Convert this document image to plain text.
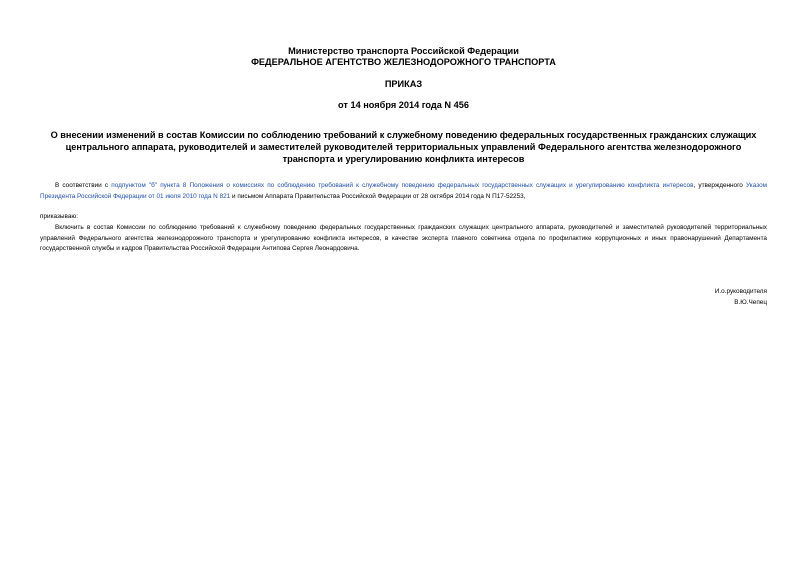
Министерство транспорта Российской Федерации
ФЕДЕРАЛЬНОЕ АГЕНТСТВО ЖЕЛЕЗНОДОРОЖНОГО ТРАНСПОРТА
ПРИКАЗ
от 14 ноября 2014 года N 456
О внесении изменений в состав Комиссии по соблюдению требований к служебному поведению федеральных государственных гражданских служащих центрального аппарата, руководителей и заместителей руководителей территориальных управлений Федерального агентства железнодорожного транспорта и урегулированию конфликта интересов
В соответствии с подпунктом "б" пункта 8 Положения о комиссиях по соблюдению требований к служебному поведению федеральных государственных служащих и урегулированию конфликта интересов, утвержденного Указом Президента Российской Федерации от 01 июля 2010 года N 821 и письмом Аппарата Правительства Российской Федерации от 28 октября 2014 года N П17-52253,
приказываю:
Включить в состав Комиссии по соблюдению требований к служебному поведению федеральных государственных гражданских служащих центрального аппарата, руководителей и заместителей руководителей территориальных управлений Федерального агентства железнодорожного транспорта и урегулированию конфликта интересов, в качестве эксперта главного советника отдела по профилактике коррупционных и иных правонарушений Департамента государственной службы и кадров Правительства Российской Федерации Антипова Сергея Леонардовича.
И.о.руководителя
В.Ю.Чепец
